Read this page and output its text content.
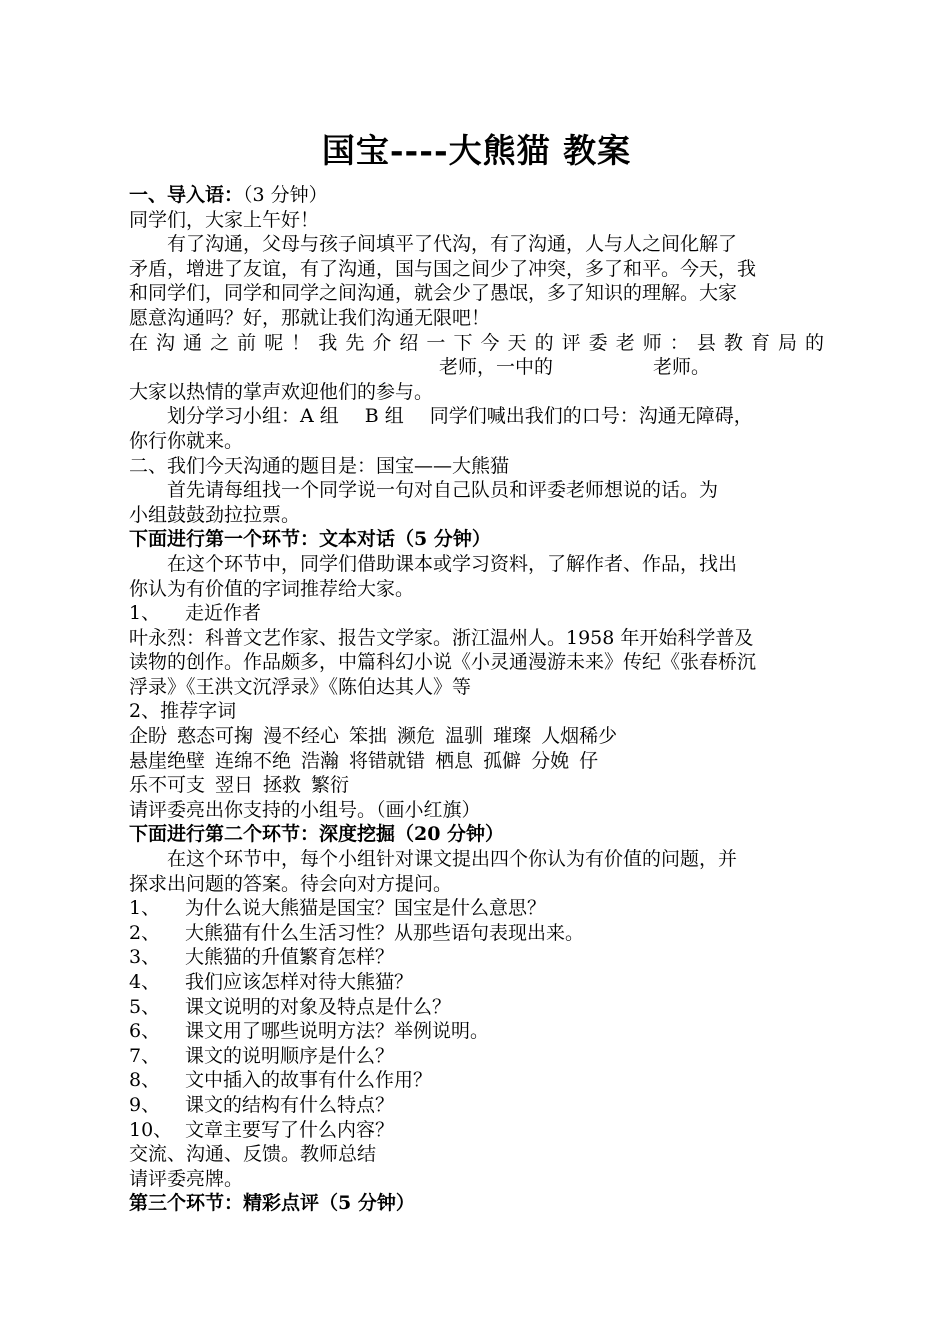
国宝----大熊猫 教案

一、导入语：（3 分钟）

同学们，大家上午好！

有了沟通，父母与孩子间填平了代沟，有了沟通，人与人之间化解了

矛盾，增进了友谊，有了沟通，国与国之间少了冲突，多了和平。今天，我

和同学们，同学和同学之间沟通，就会少了愚氓，多了知识的理解。大家

愿意沟通吗？好，那就让我们沟通无限吧！

在沟通之前呢！我先介绍一下今天的评委老师：县教育局的

老师，一中的	老师。

大家以热情的掌声欢迎他们的参与。

划分学习小组：A 组 B 组 同学们喊出我们的口号：沟通无障碍，

你行你就来。

二、我们今天沟通的题目是：国宝——大熊猫

首先请每组找一个同学说一句对自己队员和评委老师想说的话。为

小组鼓鼓劲拉拉票。

下面进行第一个环节：文本对话（5 分钟）

在这个环节中，同学们借助课本或学习资料，了解作者、作品，找出

你认为有价值的字词推荐给大家。

1、 走近作者

叶永烈：科普文艺作家、报告文学家。浙江温州人。1958 年开始科学普及

读物的创作。作品颇多，中篇科幻小说《小灵通漫游未来》传纪《张春桥沉

浮录》《王洪文沉浮录》《陈伯达其人》等

2、推荐字词

企盼 憨态可掬 漫不经心 笨拙 濒危 温驯 璀璨 人烟稀少

悬崖绝壁 连绵不绝 浩瀚 将错就错 栖息 孤僻 分娩 仔

乐不可支 翌日 拯救 繁衍

请评委亮出你支持的小组号。（画小红旗）

下面进行第二个环节：深度挖掘（20 分钟）

在这个环节中，每个小组针对课文提出四个你认为有价值的问题，并

探求出问题的答案。待会向对方提问。

1、 为什么说大熊猫是国宝？国宝是什么意思？

2、 大熊猫有什么生活习性？从那些语句表现出来。

3、 大熊猫的升值繁育怎样？

4、 我们应该怎样对待大熊猫？

5、 课文说明的对象及特点是什么？

6、 课文用了哪些说明方法？举例说明。

7、 课文的说明顺序是什么？

8、 文中插入的故事有什么作用？

9、 课文的结构有什么特点？

10、 文章主要写了什么内容？

交流、沟通、反馈。教师总结

请评委亮牌。

第三个环节：精彩点评（5 分钟）
